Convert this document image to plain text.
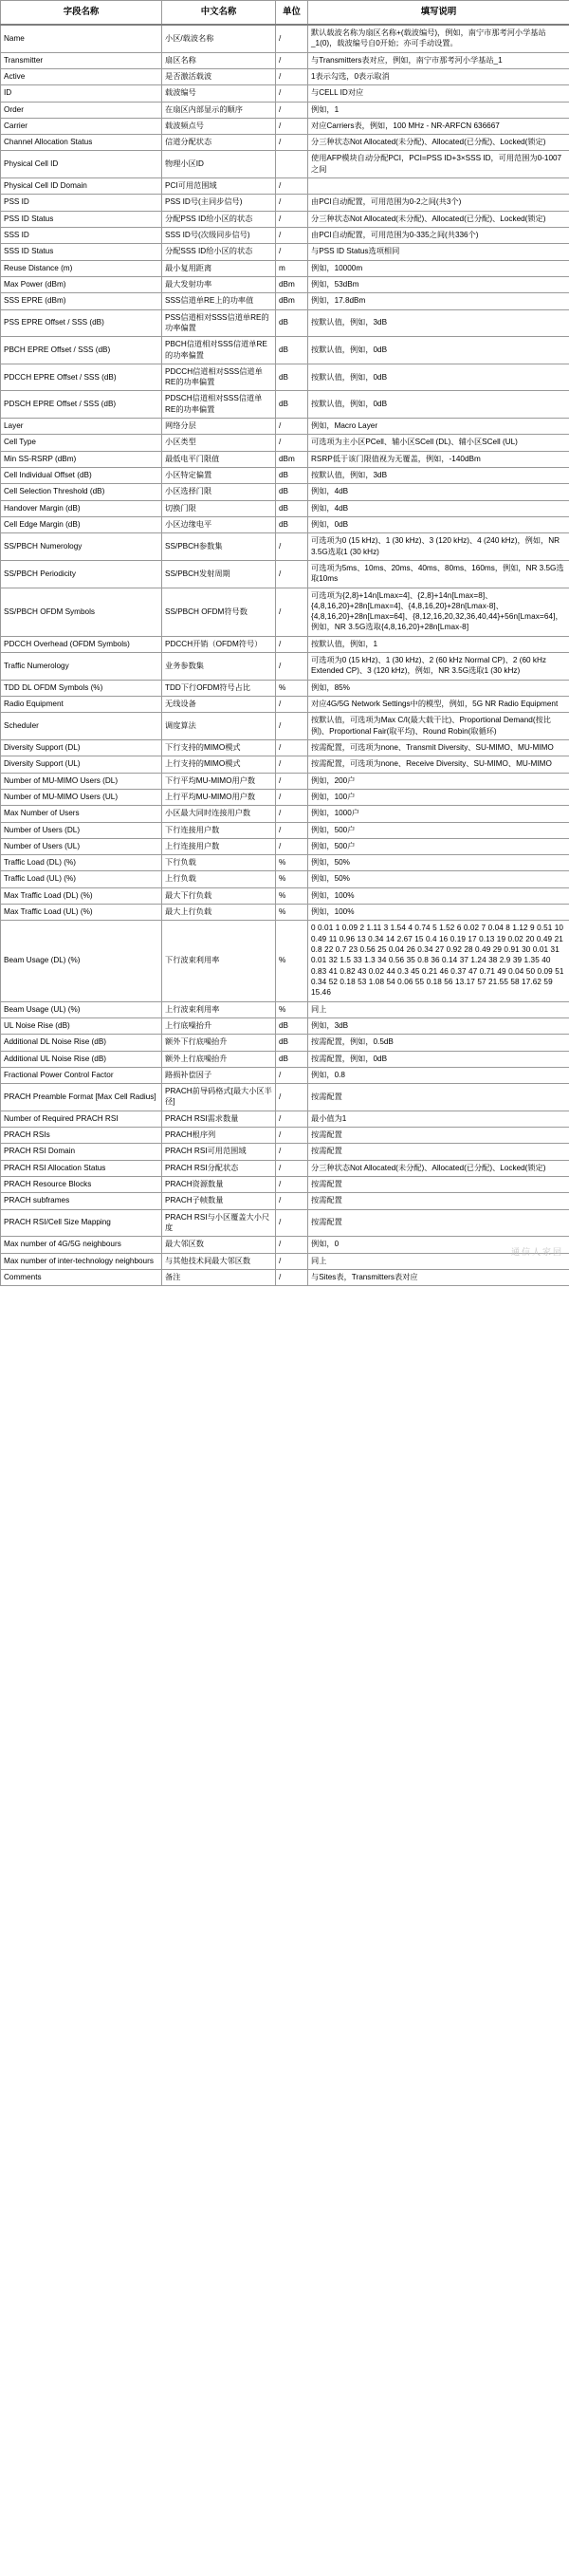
字段名称	中文名称	单位	填写说明
Name	小区/载波名称	/	默认载波名称为扇区名称+(载波编号)，例如，南宁市那考河小学基站_1(0)，载波编号自0开始；亦可手动设置。
Transmitter	扇区名称	/	与Transmitters表对应，例如，南宁市那考河小学基站_1
Active	是否激活载波	/	1表示勾选，0表示取消
ID	载波编号	/	与CELL ID对应
Order	在扇区内部显示的顺序	/	例如，1
Carrier	载波频点号	/	对应Carriers表，例如，100 MHz - NR-ARFCN 636667
Channel Allocation Status	信道分配状态	/	分三种状态Not Allocated(未分配)、Allocated(已分配)、Locked(锁定)
Physical Cell ID	物理小区ID		使用AFP模块自动分配PCI，PCI=PSS ID+3×SSS ID，可用范围为0-1007之间
Physical Cell ID Domain	PCI可用范围域	/	
PSS ID	PSS ID号(主同步信号)	/	由PCI自动配置，可用范围为0-2之间(共3个)
PSS ID Status	分配PSS ID给小区的状态	/	分三种状态Not Allocated(未分配)、Allocated(已分配)、Locked(锁定)
SSS ID	SSS ID号(次级同步信号)	/	由PCI自动配置，可用范围为0-335之间(共336个)
SSS ID Status	分配SSS ID给小区的状态	/	与PSS ID Status选项相同
Reuse Distance (m)	最小复用距离	m	例如，10000m
Max Power (dBm)	最大发射功率	dBm	例如，53dBm
SSS EPRE (dBm)	SSS信道单RE上的功率值	dBm	例如，17.8dBm
PSS EPRE Offset / SSS (dB)	PSS信道相对SSS信道单RE的功率偏置	dB	按默认值，例如，3dB
PBCH EPRE Offset / SSS (dB)	PBCH信道相对SSS信道单RE的功率偏置	dB	按默认值，例如，0dB
PDCCH EPRE Offset / SSS (dB)	PDCCH信道相对SSS信道单RE的功率偏置	dB	按默认值，例如，0dB
PDSCH EPRE Offset / SSS (dB)	PDSCH信道相对SSS信道单RE的功率偏置	dB	按默认值，例如，0dB
Layer	网络分层	/	例如，Macro Layer
Cell Type	小区类型	/	可选项为主小区PCell、辅小区SCell (DL)、辅小区SCell (UL)
Min SS-RSRP (dBm)	最低电平门限值	dBm	RSRP低于该门限值视为无覆盖，例如，-140dBm
Cell Individual Offset (dB)	小区特定偏置	dB	按默认值，例如，3dB
Cell Selection Threshold (dB)	小区选择门限	dB	例如，4dB
Handover Margin (dB)	切换门限	dB	例如，4dB
Cell Edge Margin (dB)	小区边缘电平	dB	例如，0dB
SS/PBCH Numerology	SS/PBCH参数集	/	可选项为0 (15 kHz)、1 (30 kHz)、3 (120 kHz)、4 (240 kHz)，例如，NR 3.5G选取1 (30 kHz)
SS/PBCH Periodicity	SS/PBCH发射周期	/	可选项为5ms、10ms、20ms、40ms、80ms、160ms，例如，NR 3.5G选取10ms
SS/PBCH OFDM Symbols	SS/PBCH OFDM符号数	/	可选项为{2,8}+14n[Lmax=4]、{2,8}+14n[Lmax=8]、{4,8,16,20}+28n[Lmax=4]、{4,8,16,20}+28n[Lmax-8]、{4,8,16,20}+28n[Lmax=64]、{8,12,16,20,32,36,40,44}+56n[Lmax=64]，例如，NR 3.5G选取{4,8,16,20}+28n[Lmax-8]
PDCCH Overhead (OFDM Symbols)	PDCCH开销（OFDM符号）	/	按默认值，例如，1
Traffic Numerology	业务参数集	/	可选项为0 (15 kHz)、1 (30 kHz)、2 (60 kHz Normal CP)、2 (60 kHz Extended CP)、3 (120 kHz)，例如，NR 3.5G选取1 (30 kHz)
TDD DL OFDM Symbols (%)	TDD下行OFDM符号占比	%	例如，85%
Radio Equipment	无线设备	/	对应4G/5G Network Settings中的模型，例如，5G NR Radio Equipment
Scheduler	调度算法	/	按默认值，可选项为Max C/I(最大载干比)、Proportional Demand(按比例)、Proportional Fair(取平均)、Round Robin(取循环)
Diversity Support (DL)	下行支持的MIMO模式	/	按需配置，可选项为none、Transmit Diversity、SU-MIMO、MU-MIMO
Diversity Support (UL)	上行支持的MIMO模式	/	按需配置，可选项为none、Receive Diversity、SU-MIMO、MU-MIMO
Number of MU-MIMO Users (DL)	下行平均MU-MIMO用户数	/	例如，200户
Number of MU-MIMO Users (UL)	上行平均MU-MIMO用户数	/	例如，100户
Max Number of Users	小区最大同时连接用户数	/	例如，1000户
Number of Users (DL)	下行连接用户数	/	例如，500户
Number of Users (UL)	上行连接用户数	/	例如，500户
Traffic Load (DL) (%)	下行负载	%	例如，50%
Traffic Load (UL) (%)	上行负载	%	例如，50%
Max Traffic Load (DL) (%)	最大下行负载	%	例如，100%
Max Traffic Load (UL) (%)	最大上行负载	%	例如，100%
Beam Usage (DL) (%)	下行波束利用率	%	0 0.01 1 0.09 2 1.11 3 1.54 4 0.74 5 1.52 6 0.02 7 0.04 8 1.12 9 0.51 10 0.49 11 0.96 13 0.34 14 2.67 15 0.4 16 0.19 17 0.13 19 0.02 20 0.49 21 0.8 22 0.7 23 0.56 25 0.04 26 0.34 27 0.92 28 0.49 29 0.91 30 0.01 31 0.01 32 1.5 33 1.3 34 0.56 35 0.8 36 0.14 37 1.24 38 2.9 39 1.35 40 0.83 41 0.82 43 0.02 44 0.3 45 0.21 46 0.37 47 0.71 49 0.04 50 0.09 51 0.34 52 0.18 53 1.08 54 0.06 55 0.18 56 13.17 57 21.55 58 17.62 59 15.46
Beam Usage (UL) (%)	上行波束利用率	%	同上
UL Noise Rise (dB)	上行底噪抬升	dB	例如，3dB
Additional DL Noise Rise (dB)	额外下行底噪抬升	dB	按需配置，例如，0.5dB
Additional UL Noise Rise (dB)	额外上行底噪抬升	dB	按需配置，例如，0dB
Fractional Power Control Factor	路损补偿因子	/	例如，0.8
PRACH Preamble Format [Max Cell Radius]	PRACH前导码格式[最大小区半径]	/	按需配置
Number of Required PRACH RSI	PRACH RSI需求数量	/	最小值为1
PRACH RSIs	PRACH根序列	/	按需配置
PRACH RSI Domain	PRACH RSI可用范围域	/	按需配置
PRACH RSI Allocation Status	PRACH RSI分配状态	/	分三种状态Not Allocated(未分配)、Allocated(已分配)、Locked(锁定)
PRACH Resource Blocks	PRACH资源数量	/	按需配置
PRACH subframes	PRACH子帧数量	/	按需配置
PRACH RSI/Cell Size Mapping	PRACH RSI与小区覆盖大小尺度	/	按需配置
Max number of 4G/5G neighbours	最大邻区数	/	例如，0
Max number of inter-technology neighbours	与其他技术间最大邻区数	/	同上
Comments	备注	/	与Sites表，Transmitters表对应
通信人家园
